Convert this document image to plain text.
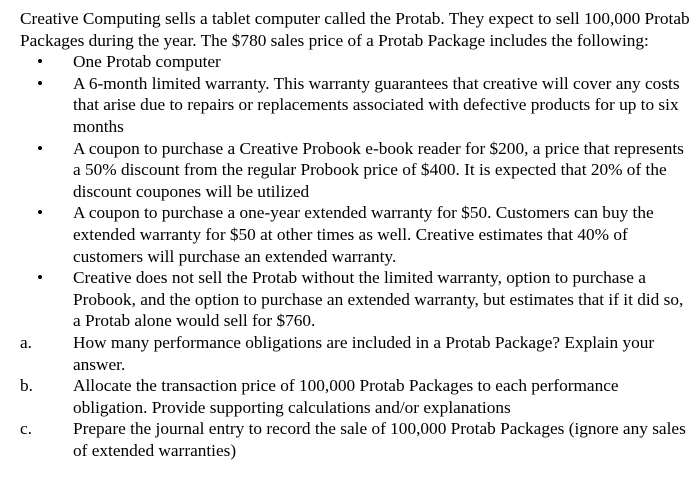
Creative Computing sells a tablet computer called the Protab. They expect to sell 100,000 Protab Packages during the year. The $780 sales price of a Protab Package includes the following:

• One Protab computer
• A 6-month limited warranty. This warranty guarantees that creative will cover any costs that arise due to repairs or replacements associated with defective products for up to six months
• A coupon to purchase a Creative Probook e-book reader for $200, a price that represents a 50% discount from the regular Probook price of $400. It is expected that 20% of the discount coupones will be utilized
• A coupon to purchase a one-year extended warranty for $50. Customers can buy the extended warranty for $50 at other times as well. Creative estimates that 40% of customers will purchase an extended warranty.
• Creative does not sell the Protab without the limited warranty, option to purchase a Probook, and the option to purchase an extended warranty, but estimates that if it did so, a Protab alone would sell for $760.
a. How many performance obligations are included in a Protab Package? Explain your answer.
b. Allocate the transaction price of 100,000 Protab Packages to each performance obligation. Provide supporting calculations and/or explanations
c. Prepare the journal entry to record the sale of 100,000 Protab Packages (ignore any sales of extended warranties)
